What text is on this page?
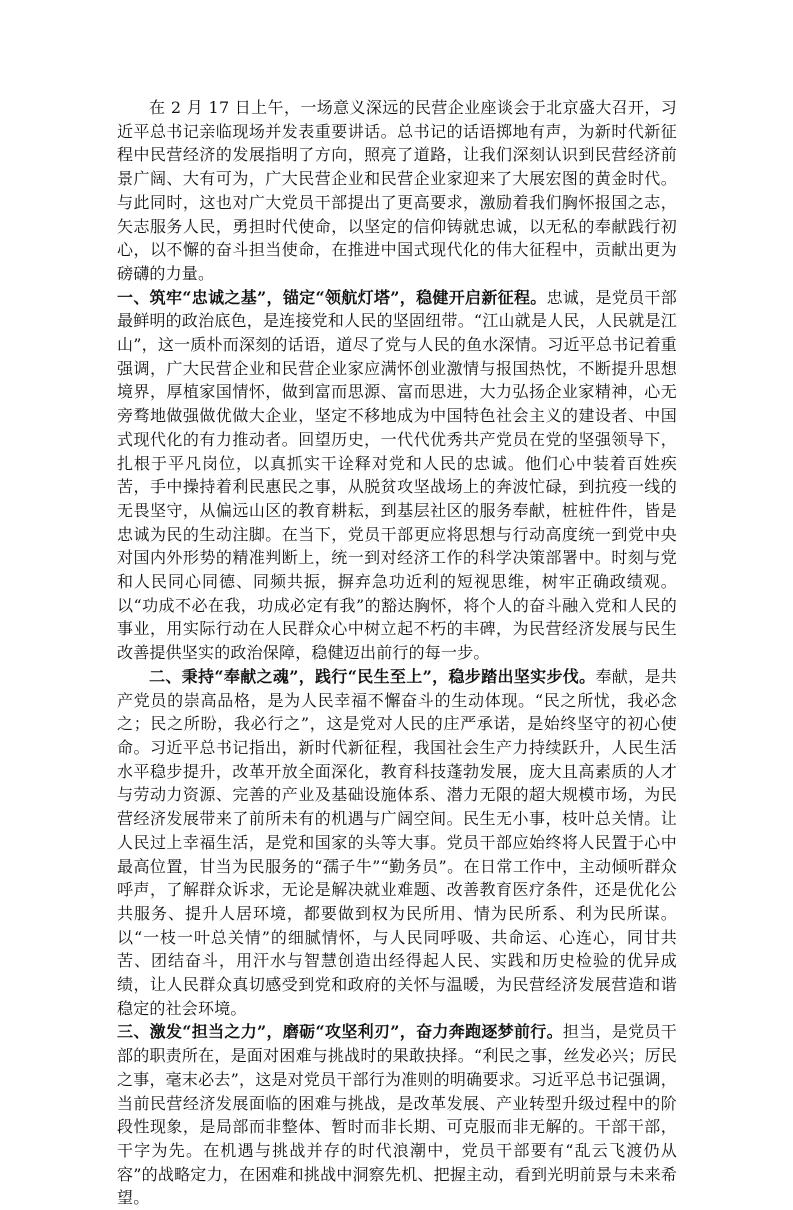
在 2 月 17 日上午，一场意义深远的民营企业座谈会于北京盛大召开，习近平总书记亲临现场并发表重要讲话。总书记的话语掷地有声，为新时代新征程中民营经济的发展指明了方向，照亮了道路，让我们深刻认识到民营经济前景广阔、大有可为，广大民营企业和民营企业家迎来了大展宏图的黄金时代。与此同时，这也对广大党员干部提出了更高要求，激励着我们胸怀报国之志，矢志服务人民，勇担时代使命，以坚定的信仰铸就忠诚，以无私的奉献践行初心，以不懈的奋斗担当使命，在推进中国式现代化的伟大征程中，贡献出更为磅礴的力量。

一、筑牢“忠诚之基”，锚定“领航灯塔”，稳健开启新征程。忠诚，是党员干部最鲜明的政治底色，是连接党和人民的坚固纽带。“江山就是人民，人民就是江山”，这一质朴而深刻的话语，道尽了党与人民的鱼水深情。习近平总书记着重强调，广大民营企业和民营企业家应满怀创业激情与报国热忱，不断提升思想境界，厚植家国情怀，做到富而思源、富而思进，大力弘扬企业家精神，心无旁骛地做强做优做大企业，坚定不移地成为中国特色社会主义的建设者、中国式现代化的有力推动者。回望历史，一代代优秀共产党员在党的坚强领导下，扎根于平凡岗位，以真抓实干诠释对党和人民的忠诚。他们心中装着百姓疾苦，手中操持着利民惠民之事，从脱贫攻坚战场上的奔波忙碌，到抗疫一线的无畏坚守，从偏远山区的教育耕耘，到基层社区的服务奉献，桩桩件件，皆是忠诚为民的生动注脚。在当下，党员干部更应将思想与行动高度统一到党中央对国内外形势的精准判断上，统一到对经济工作的科学决策部署中。时刻与党和人民同心同德、同频共振，摒弃急功近利的短视思维，树牢正确政绩观。以“功成不必在我，功成必定有我”的豁达胸怀，将个人的奋斗融入党和人民的事业，用实际行动在人民群众心中树立起不朽的丰碑，为民营经济发展与民生改善提供坚实的政治保障，稳健迈出前行的每一步。

二、秉持“奉献之魂”，践行“民生至上”，稳步踏出坚实步伐。奉献，是共产党员的崇高品格，是为人民幸福不懈奋斗的生动体现。“民之所忧，我必念之；民之所盼，我必行之”，这是党对人民的庄严承诺，是始终坚守的初心使命。习近平总书记指出，新时代新征程，我国社会生产力持续跃升，人民生活水平稳步提升，改革开放全面深化，教育科技蓬勃发展，庞大且高素质的人才与劳动力资源、完善的产业及基础设施体系、潜力无限的超大规模市场，为民营经济发展带来了前所未有的机遇与广阔空间。民生无小事，枝叶总关情。让人民过上幸福生活，是党和国家的头等大事。党员干部应始终将人民置于心中最高位置，甘当为民服务的“孺子牛”“勤务员”。在日常工作中，主动倾听群众呼声，了解群众诉求，无论是解决就业难题、改善教育医疗条件，还是优化公共服务、提升人居环境，都要做到权为民所用、情为民所系、利为民所谋。以“一枝一叶总关情”的细腻情怀，与人民同呼吸、共命运、心连心，同甘共苦、团结奋斗，用汗水与智慧创造出经得起人民、实践和历史检验的优异成绩，让人民群众真切感受到党和政府的关怀与温暖，为民营经济发展营造和谐稳定的社会环境。

三、激发“担当之力”，磨砺“攻坚利刃”，奋力奔跑逐梦前行。担当，是党员干部的职责所在，是面对困难与挑战时的果敢抉择。“利民之事，丝发必兴；厉民之事，毫末必去”，这是对党员干部行为准则的明确要求。习近平总书记强调，当前民营经济发展面临的困难与挑战，是改革发展、产业转型升级过程中的阶段性现象，是局部而非整体、暂时而非长期、可克服而非无解的。干部干部，干字为先。在机遇与挑战并存的时代浪潮中，党员干部要有“乱云飞渡仍从容”的战略定力，在困难和挑战中洞察先机、把握主动，看到光明前景与未来希望。
